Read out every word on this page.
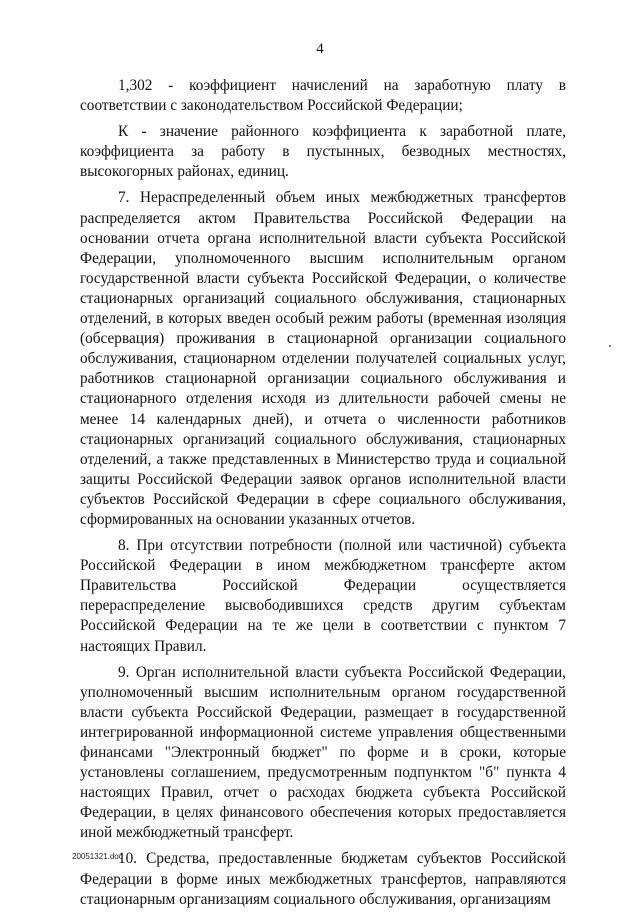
4

1,302 - коэффициент начислений на заработную плату в соответствии с законодательством Российской Федерации;

К - значение районного коэффициента к заработной плате, коэффициента за работу в пустынных, безводных местностях, высокогорных районах, единиц.

7. Нераспределенный объем иных межбюджетных трансфертов распределяется актом Правительства Российской Федерации на основании отчета органа исполнительной власти субъекта Российской Федерации, уполномоченного высшим исполнительным органом государственной власти субъекта Российской Федерации, о количестве стационарных организаций социального обслуживания, стационарных отделений, в которых введен особый режим работы (временная изоляция (обсервация) проживания в стационарной организации социального обслуживания, стационарном отделении получателей социальных услуг, работников стационарной организации социального обслуживания и стационарного отделения исходя из длительности рабочей смены не менее 14 календарных дней), и отчета о численности работников стационарных организаций социального обслуживания, стационарных отделений, а также представленных в Министерство труда и социальной защиты Российской Федерации заявок органов исполнительной власти субъектов Российской Федерации в сфере социального обслуживания, сформированных на основании указанных отчетов.

8. При отсутствии потребности (полной или частичной) субъекта Российской Федерации в ином межбюджетном трансферте актом Правительства Российской Федерации осуществляется перераспределение высвободившихся средств другим субъектам Российской Федерации на те же цели в соответствии с пунктом 7 настоящих Правил.

9. Орган исполнительной власти субъекта Российской Федерации, уполномоченный высшим исполнительным органом государственной власти субъекта Российской Федерации, размещает в государственной интегрированной информационной системе управления общественными финансами "Электронный бюджет" по форме и в сроки, которые установлены соглашением, предусмотренным подпунктом "б" пункта 4 настоящих Правил, отчет о расходах бюджета субъекта Российской Федерации, в целях финансового обеспечения которых предоставляется иной межбюджетный трансферт.

10. Средства, предоставленные бюджетам субъектов Российской Федерации в форме иных межбюджетных трансфертов, направляются стационарным организациям социального обслуживания, организациям

20051321.doc
